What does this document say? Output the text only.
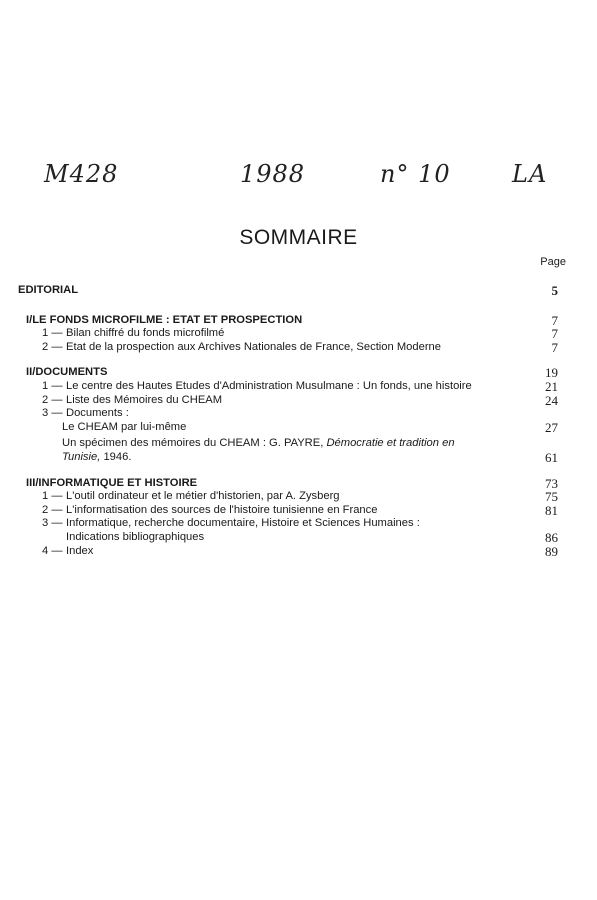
M428	1988	n° 10	LA
SOMMAIRE
Page
EDITORIAL	5
I/LE FONDS MICROFILME : ETAT ET PROSPECTION	7
1 — Bilan chiffré du fonds microfilmé	7
2 — Etat de la prospection aux Archives Nationales de France, Section Moderne	7
II/DOCUMENTS	19
1 — Le centre des Hautes Etudes d'Administration Musulmane : Un fonds, une histoire	21
2 — Liste des Mémoires du CHEAM	24
3 — Documents :
Le CHEAM par lui-même	27
Un spécimen des mémoires du CHEAM : G. PAYRE, Démocratie et tradition en
Tunisie, 1946.	61
III/INFORMATIQUE ET HISTOIRE	73
1 — L'outil ordinateur et le métier d'historien, par A. Zysberg	75
2 — L'informatisation des sources de l'histoire tunisienne en France	81
3 — Informatique, recherche documentaire, Histoire et Sciences Humaines :
Indications bibliographiques	86
4 — Index	89
